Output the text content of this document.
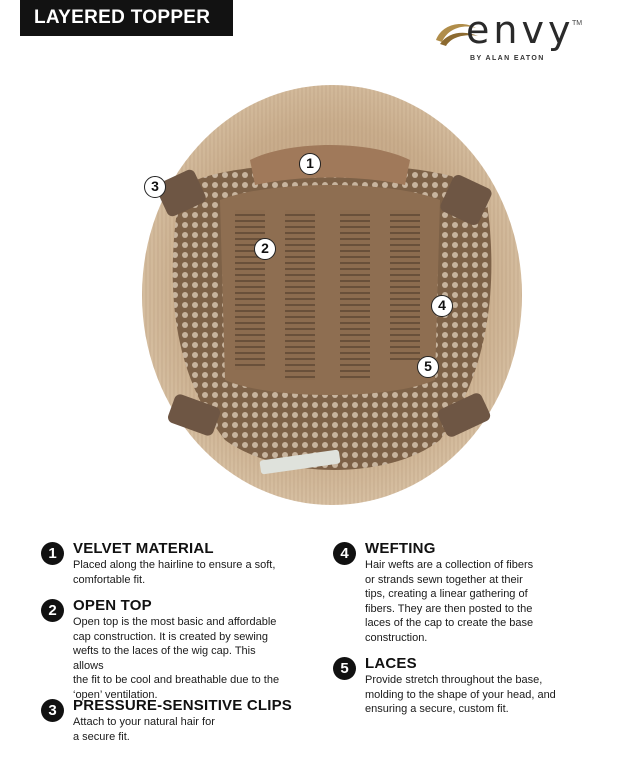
LAYERED TOPPER	envy
TM
BY ALAN EATON
1
2
3
4
5
1	VELVET MATERIAL
Placed along the hairline to ensure a soft,
comfortable fit.
2	OPEN TOP
Open top is the most basic and affordable
cap construction. It is created by sewing
wefts to the laces of the wig cap. This allows
the fit to be cool and breathable due to the
‘open’ ventilation.
3	PRESSURE-SENSITIVE CLIPS
Attach to your natural hair for
a secure fit.
4	WEFTING
Hair wefts are a collection of fibers
or strands sewn together at their
tips, creating a linear gathering of
fibers. They are then posted to the
laces of the cap to create the base
construction.
5	LACES
Provide stretch throughout the base,
molding to the shape of your head, and
ensuring a secure, custom fit.
